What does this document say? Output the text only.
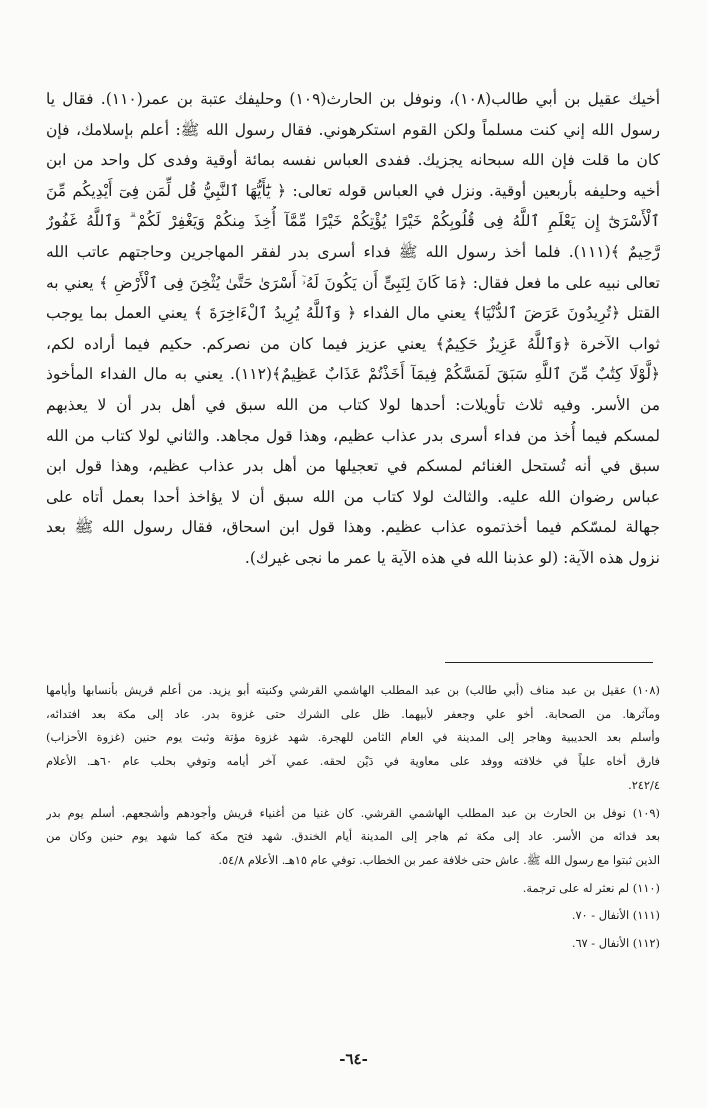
أخيك عقيل بن أبي طالب(١٠٨)، ونوفل بن الحارث(١٠٩) وحليفك عتبة بن عمر(١١٠). فقال يا
رسول الله إني كنت مسلماً ولكن القوم استكرهوني. فقال رسول الله ﷺ: أعلم بإسلامك، فإن
كان ما قلت فإن الله سبحانه يجزيك. ففدى العباس نفسه بمائة أوقية وفدى كل واحد من ابن
أخيه وحليفه بأربعين أوقية. ونزل في العباس قوله تعالى: ﴿ يَٰٓأَيُّهَا ٱلنَّبِيُّ قُل لِّمَن فِىٓ أَيْدِيكُم مِّنَ
ٱلْأَسْرَىٰٓ إِن يَعْلَمِ ٱللَّهُ فِى قُلُوبِكُمْ خَيْرًا يُؤْتِكُمْ خَيْرًا مِّمَّآ أُخِذَ مِنكُمْ وَيَغْفِرْ لَكُمْ ۗ وَٱللَّهُ غَفُورٌ
رَّحِيمٌ ﴾(١١١). فلما أخذ رسول الله ﷺ فداء أسرى بدر لفقر المهاجرين وحاجتهم عاتب الله
تعالى نبيه على ما فعل فقال: ﴿مَا كَانَ لِنَبِىٍّ أَن يَكُونَ لَهُۥٓ أَسْرَىٰ حَتَّىٰ يُثْخِنَ فِى ٱلْأَرْضِ ﴾ يعني به
القتل ﴿تُرِيدُونَ عَرَضَ ٱلدُّنْيَا﴾ يعني مال الفداء ﴿ وَٱللَّهُ يُرِيدُ ٱلْءَاخِرَةَ ﴾ يعني العمل بما يوجب
ثواب الآخرة ﴿وَٱللَّهُ عَزِيزٌ حَكِيمٌ﴾ يعني عزيز فيما كان من نصركم. حكيم فيما أراده لكم،
﴿لَّوْلَا كِتَٰبٌ مِّنَ ٱللَّهِ سَبَقَ لَمَسَّكُمْ فِيمَآ أَخَذْتُمْ عَذَابٌ عَظِيمٌ﴾(١١٢). يعني به مال الفداء المأخوذ
من الأسر. وفيه ثلاث تأويلات: أحدها لولا كتاب من الله سبق في أهل بدر أن لا يعذبهم
لمسكم فيما أُخذ من فداء أسرى بدر عذاب عظيم، وهذا قول مجاهد. والثاني لولا كتاب من الله
سبق في أنه تُستحل الغنائم لمسكم في تعجيلها من أهل بدر عذاب عظيم، وهذا قول ابن
عباس رضوان الله عليه. والثالث لولا كتاب من الله سبق أن لا يؤاخذ أحدا بعمل أتاه على
جهالة لمسّكم فيما أخذتموه عذاب عظيم. وهذا قول ابن اسحاق، فقال رسول الله ﷺ بعد
نزول هذه الآية: (لو عذبنا الله في هذه الآية يا عمر ما نجى غيرك).

(١٠٨) عقيل بن عبد مناف (أبي طالب) بن عبد المطلب الهاشمي القرشي وكنيته أبو يزيد. من أعلم قريش بأنسابها وأيامها
ومآثرها. من الصحابة. أخو علي وجعفر لأبيهما. ظل على الشرك حتى غزوة بدر. عاد إلى مكة بعد افتدائه،
وأسلم بعد الحديبية وهاجر إلى المدينة في العام الثامن للهجرة. شهد غزوة مؤتة وثبت يوم حنين (غزوة الأحزاب)
فارق أخاه علياً في خلافته ووفد على معاوية في دَيْن لحقه. عمي آخر أيامه وتوفي بحلب عام ٦٠هـ. الأعلام
٢٤٢/٤.
(١٠٩) نوفل بن الحارث بن عبد المطلب الهاشمي القرشي. كان غنيا من أغنياء قريش وأجودهم وأشجعهم. أسلم يوم بدر
بعد فدائه من الأسر. عاد إلى مكة ثم هاجر إلى المدينة أيام الخندق. شهد فتح مكة كما شهد يوم حنين وكان من
الذين ثبتوا مع رسول الله ﷺ. عاش حتى خلافة عمر بن الخطاب. توفي عام ١٥هـ. الأعلام ٥٤/٨.
(١١٠) لم نعثر له على ترجمة.
(١١١) الأنفال - ٧٠.
(١١٢) الأنفال - ٦٧.
-٦٤-
